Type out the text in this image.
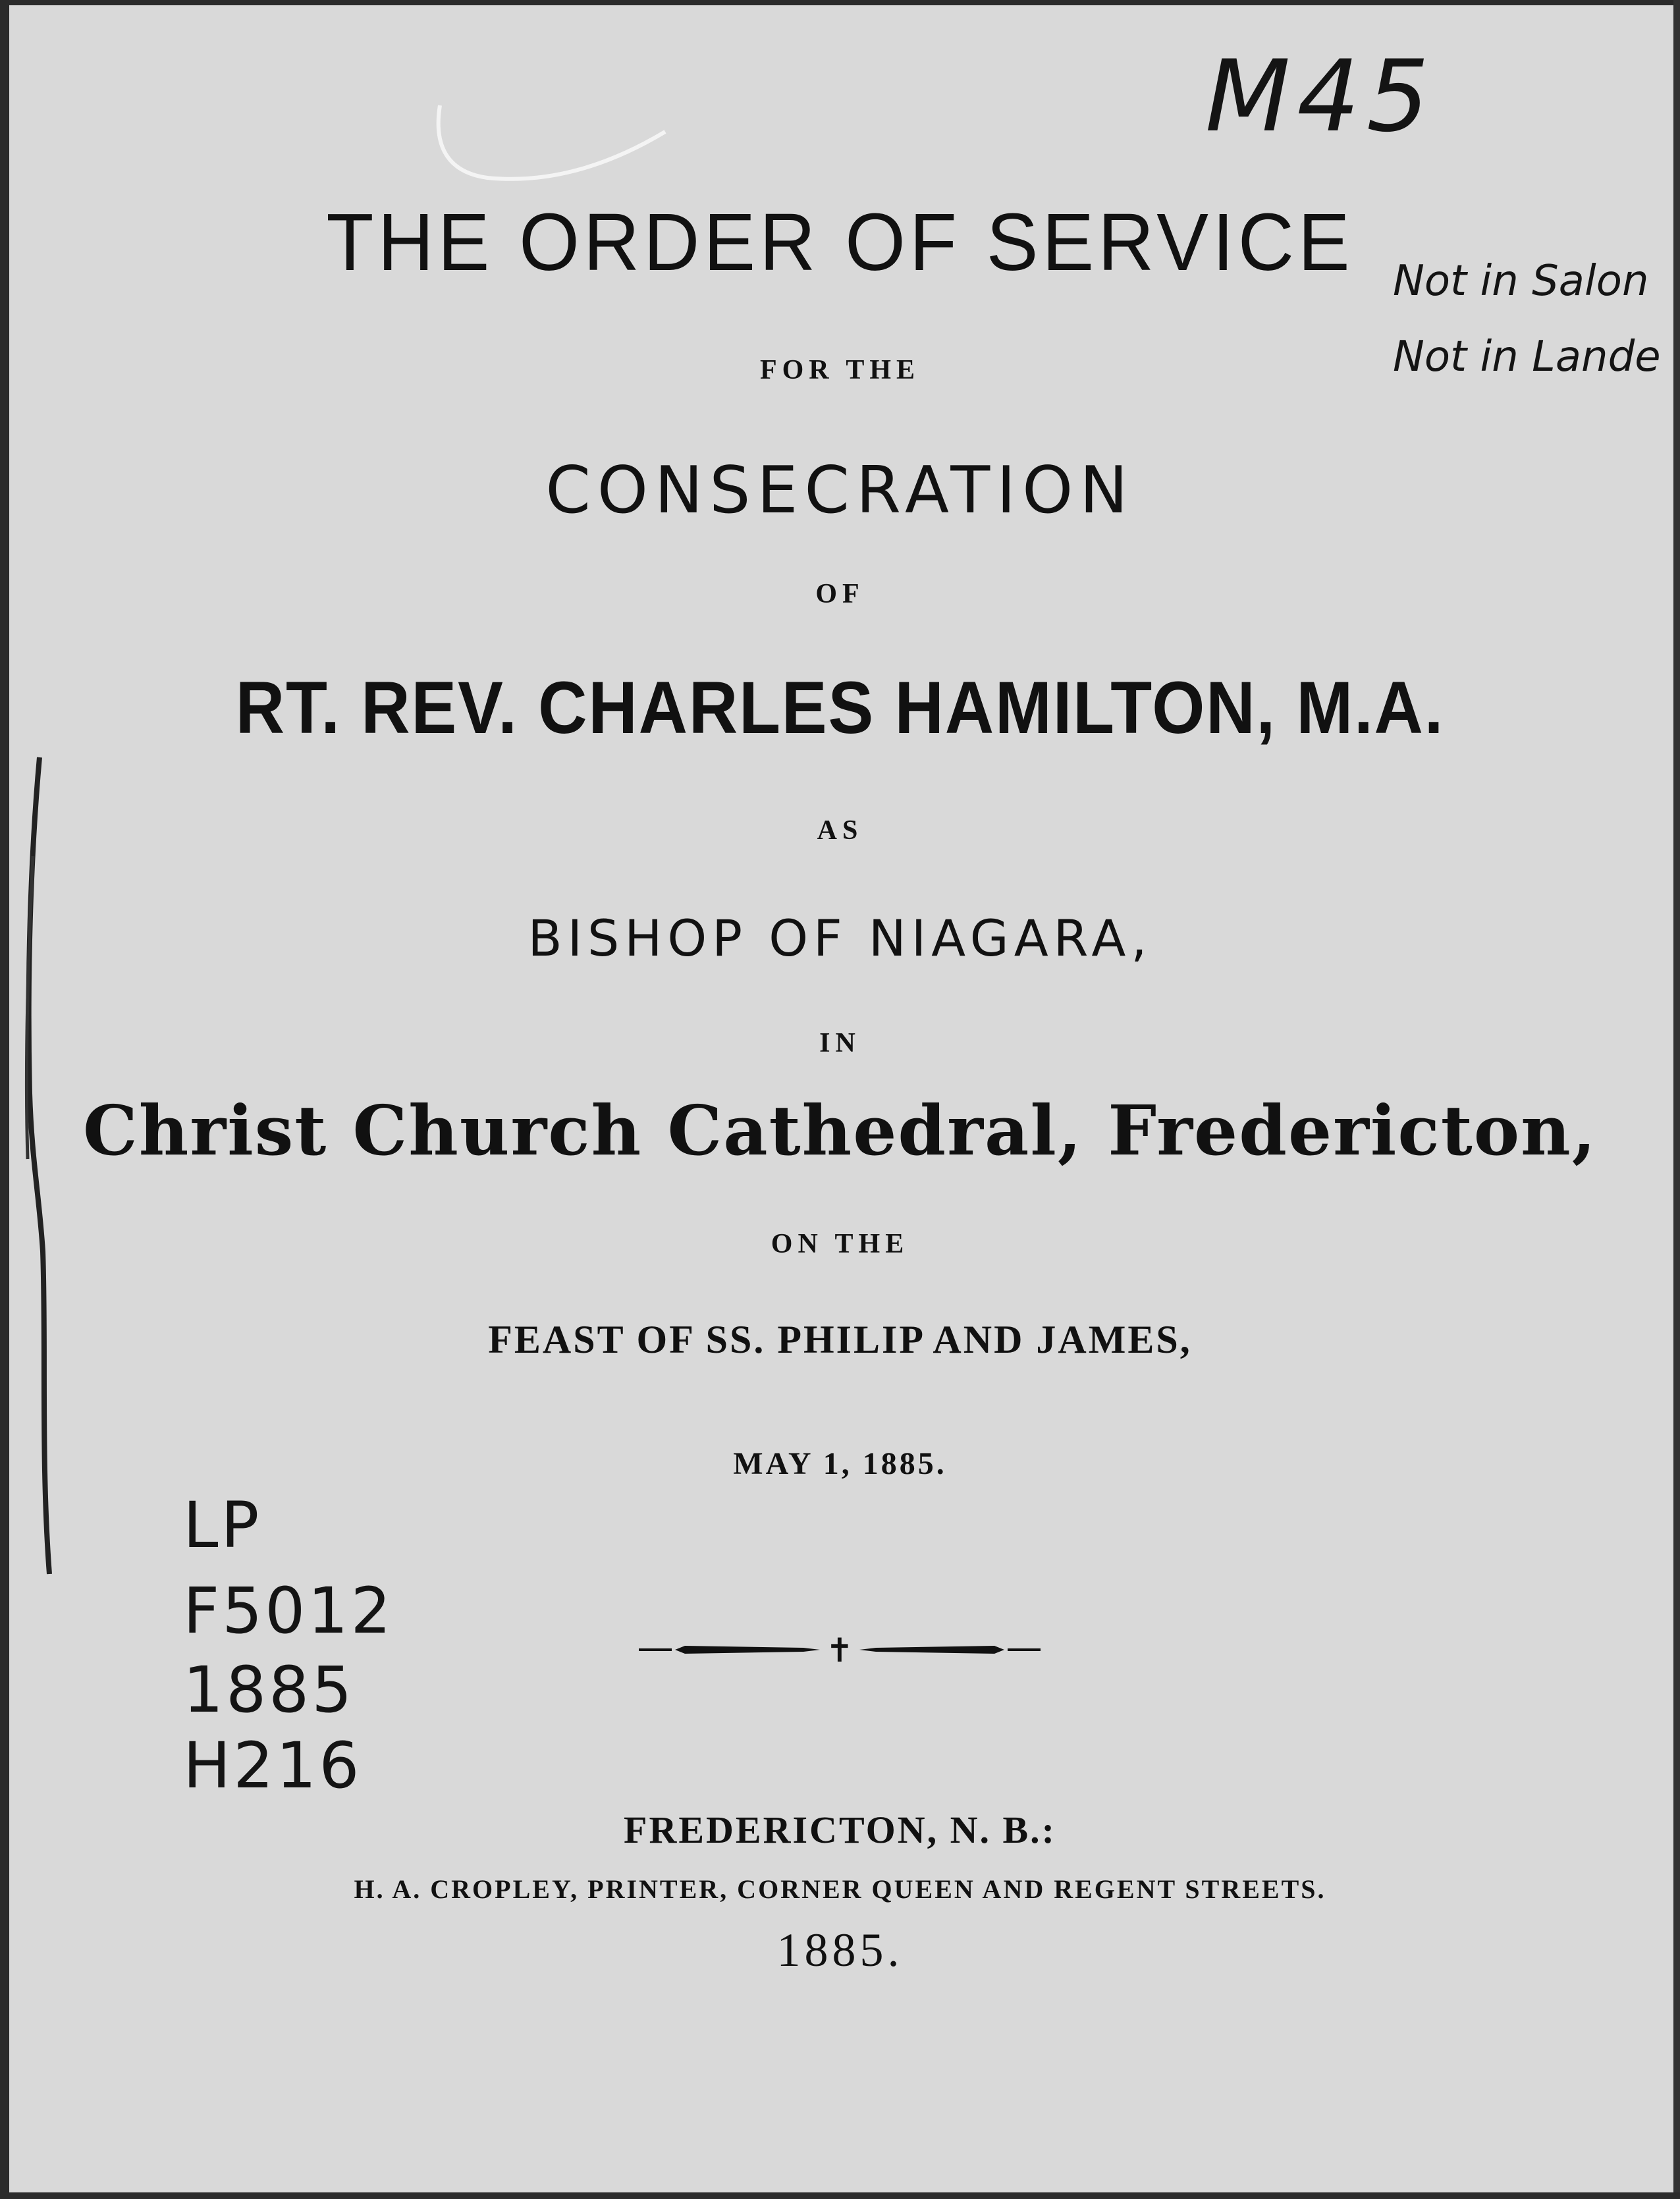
THE ORDER OF SERVICE
FOR THE
CONSECRATION
OF
RT. REV. CHARLES HAMILTON, M.A.
AS
BISHOP OF NIAGARA,
IN
Christ Church Cathedral, Fredericton,
ON THE
FEAST OF SS. PHILIP AND JAMES,
MAY 1, 1885.
✝
FREDERICTON, N. B.:
H. A. CROPLEY, PRINTER, CORNER QUEEN AND REGENT STREETS.
1885.
M45
Not in Salon
Not in Lande
LP
F5012
1885
H216
